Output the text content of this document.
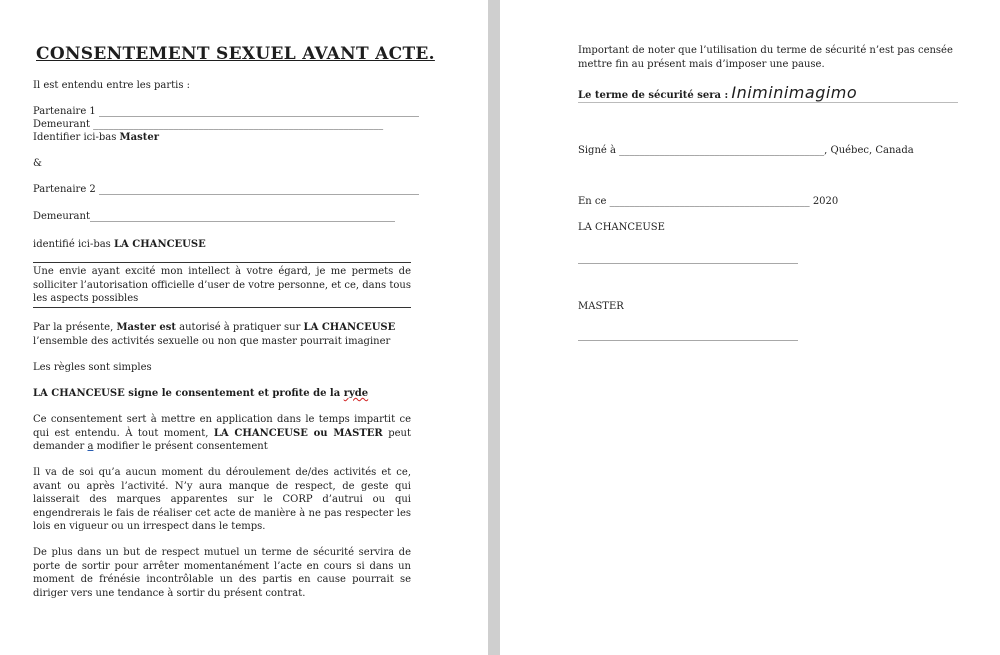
CONSENTEMENT SEXUEL AVANT ACTE.
Il est entendu entre les partis :
Partenaire 1 ________________________________________________________________
Demeurant __________________________________________________________
Identifier ici-bas Master
&
Partenaire 2 ________________________________________________________________
Demeurant_____________________________________________________________
identifié ici-bas LA CHANCEUSE
Une envie ayant excité mon intellect à votre égard, je me permets de solliciter l’autorisation officielle d’user de votre personne, et ce, dans tous les aspects possibles
Par la présente, Master est autorisé à pratiquer sur LA CHANCEUSE l’ensemble des activités sexuelle ou non que master pourrait imaginer
Les règles sont simples
LA CHANCEUSE signe le consentement et profite de la ryde
Ce consentement sert à mettre en application dans le temps impartit ce qui est entendu. À tout moment, LA CHANCEUSE ou MASTER peut demander a modifier le présent consentement
Il va de soi qu’a aucun moment du déroulement de/des activités et ce, avant ou après l’activité. N’y aura manque de respect, de geste qui laisserait des marques apparentes sur le CORP d’autrui ou qui engendrerais le fais de réaliser cet acte de manière à ne pas respecter les lois en vigueur ou un irrespect dans le temps.
De plus dans un but de respect mutuel un terme de sécurité servira de porte de sortir pour arrêter momentanément l’acte en cours si dans un moment de frénésie incontrôlable un des partis en cause pourrait se diriger vers une tendance à sortir du présent contrat.
Important de noter que l’utilisation du terme de sécurité n’est pas censée mettre fin au présent mais d’imposer une pause.
Le terme de sécurité sera : Iniminimagimo
Signé à _________________________________________, Québec, Canada
En ce ________________________________________ 2020
LA CHANCEUSE
____________________________________________
MASTER
____________________________________________
